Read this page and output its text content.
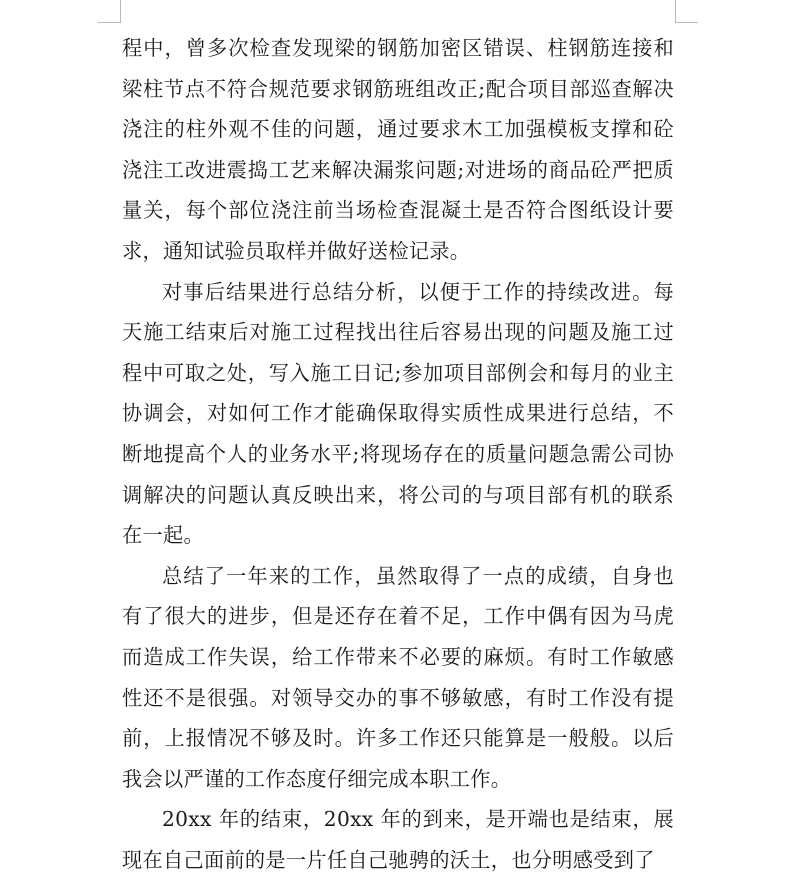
程中，曾多次检查发现梁的钢筋加密区错误、柱钢筋连接和梁柱节点不符合规范要求钢筋班组改正;配合项目部巡查解决浇注的柱外观不佳的问题，通过要求木工加强模板支撑和砼浇注工改进震捣工艺来解决漏浆问题;对进场的商品砼严把质量关，每个部位浇注前当场检查混凝土是否符合图纸设计要求，通知试验员取样并做好送检记录。

对事后结果进行总结分析，以便于工作的持续改进。每天施工结束后对施工过程找出往后容易出现的问题及施工过程中可取之处，写入施工日记;参加项目部例会和每月的业主协调会，对如何工作才能确保取得实质性成果进行总结，不断地提高个人的业务水平;将现场存在的质量问题急需公司协调解决的问题认真反映出来，将公司的与项目部有机的联系在一起。

总结了一年来的工作，虽然取得了一点的成绩，自身也有了很大的进步，但是还存在着不足，工作中偶有因为马虎而造成工作失误，给工作带来不必要的麻烦。有时工作敏感性还不是很强。对领导交办的事不够敏感，有时工作没有提前，上报情况不够及时。许多工作还只能算是一般般。以后我会以严谨的工作态度仔细完成本职工作。

20xx 年的结束，20xx 年的到来，是开端也是结束，展现在自己面前的是一片任自己驰骋的沃土，也分明感受到了
